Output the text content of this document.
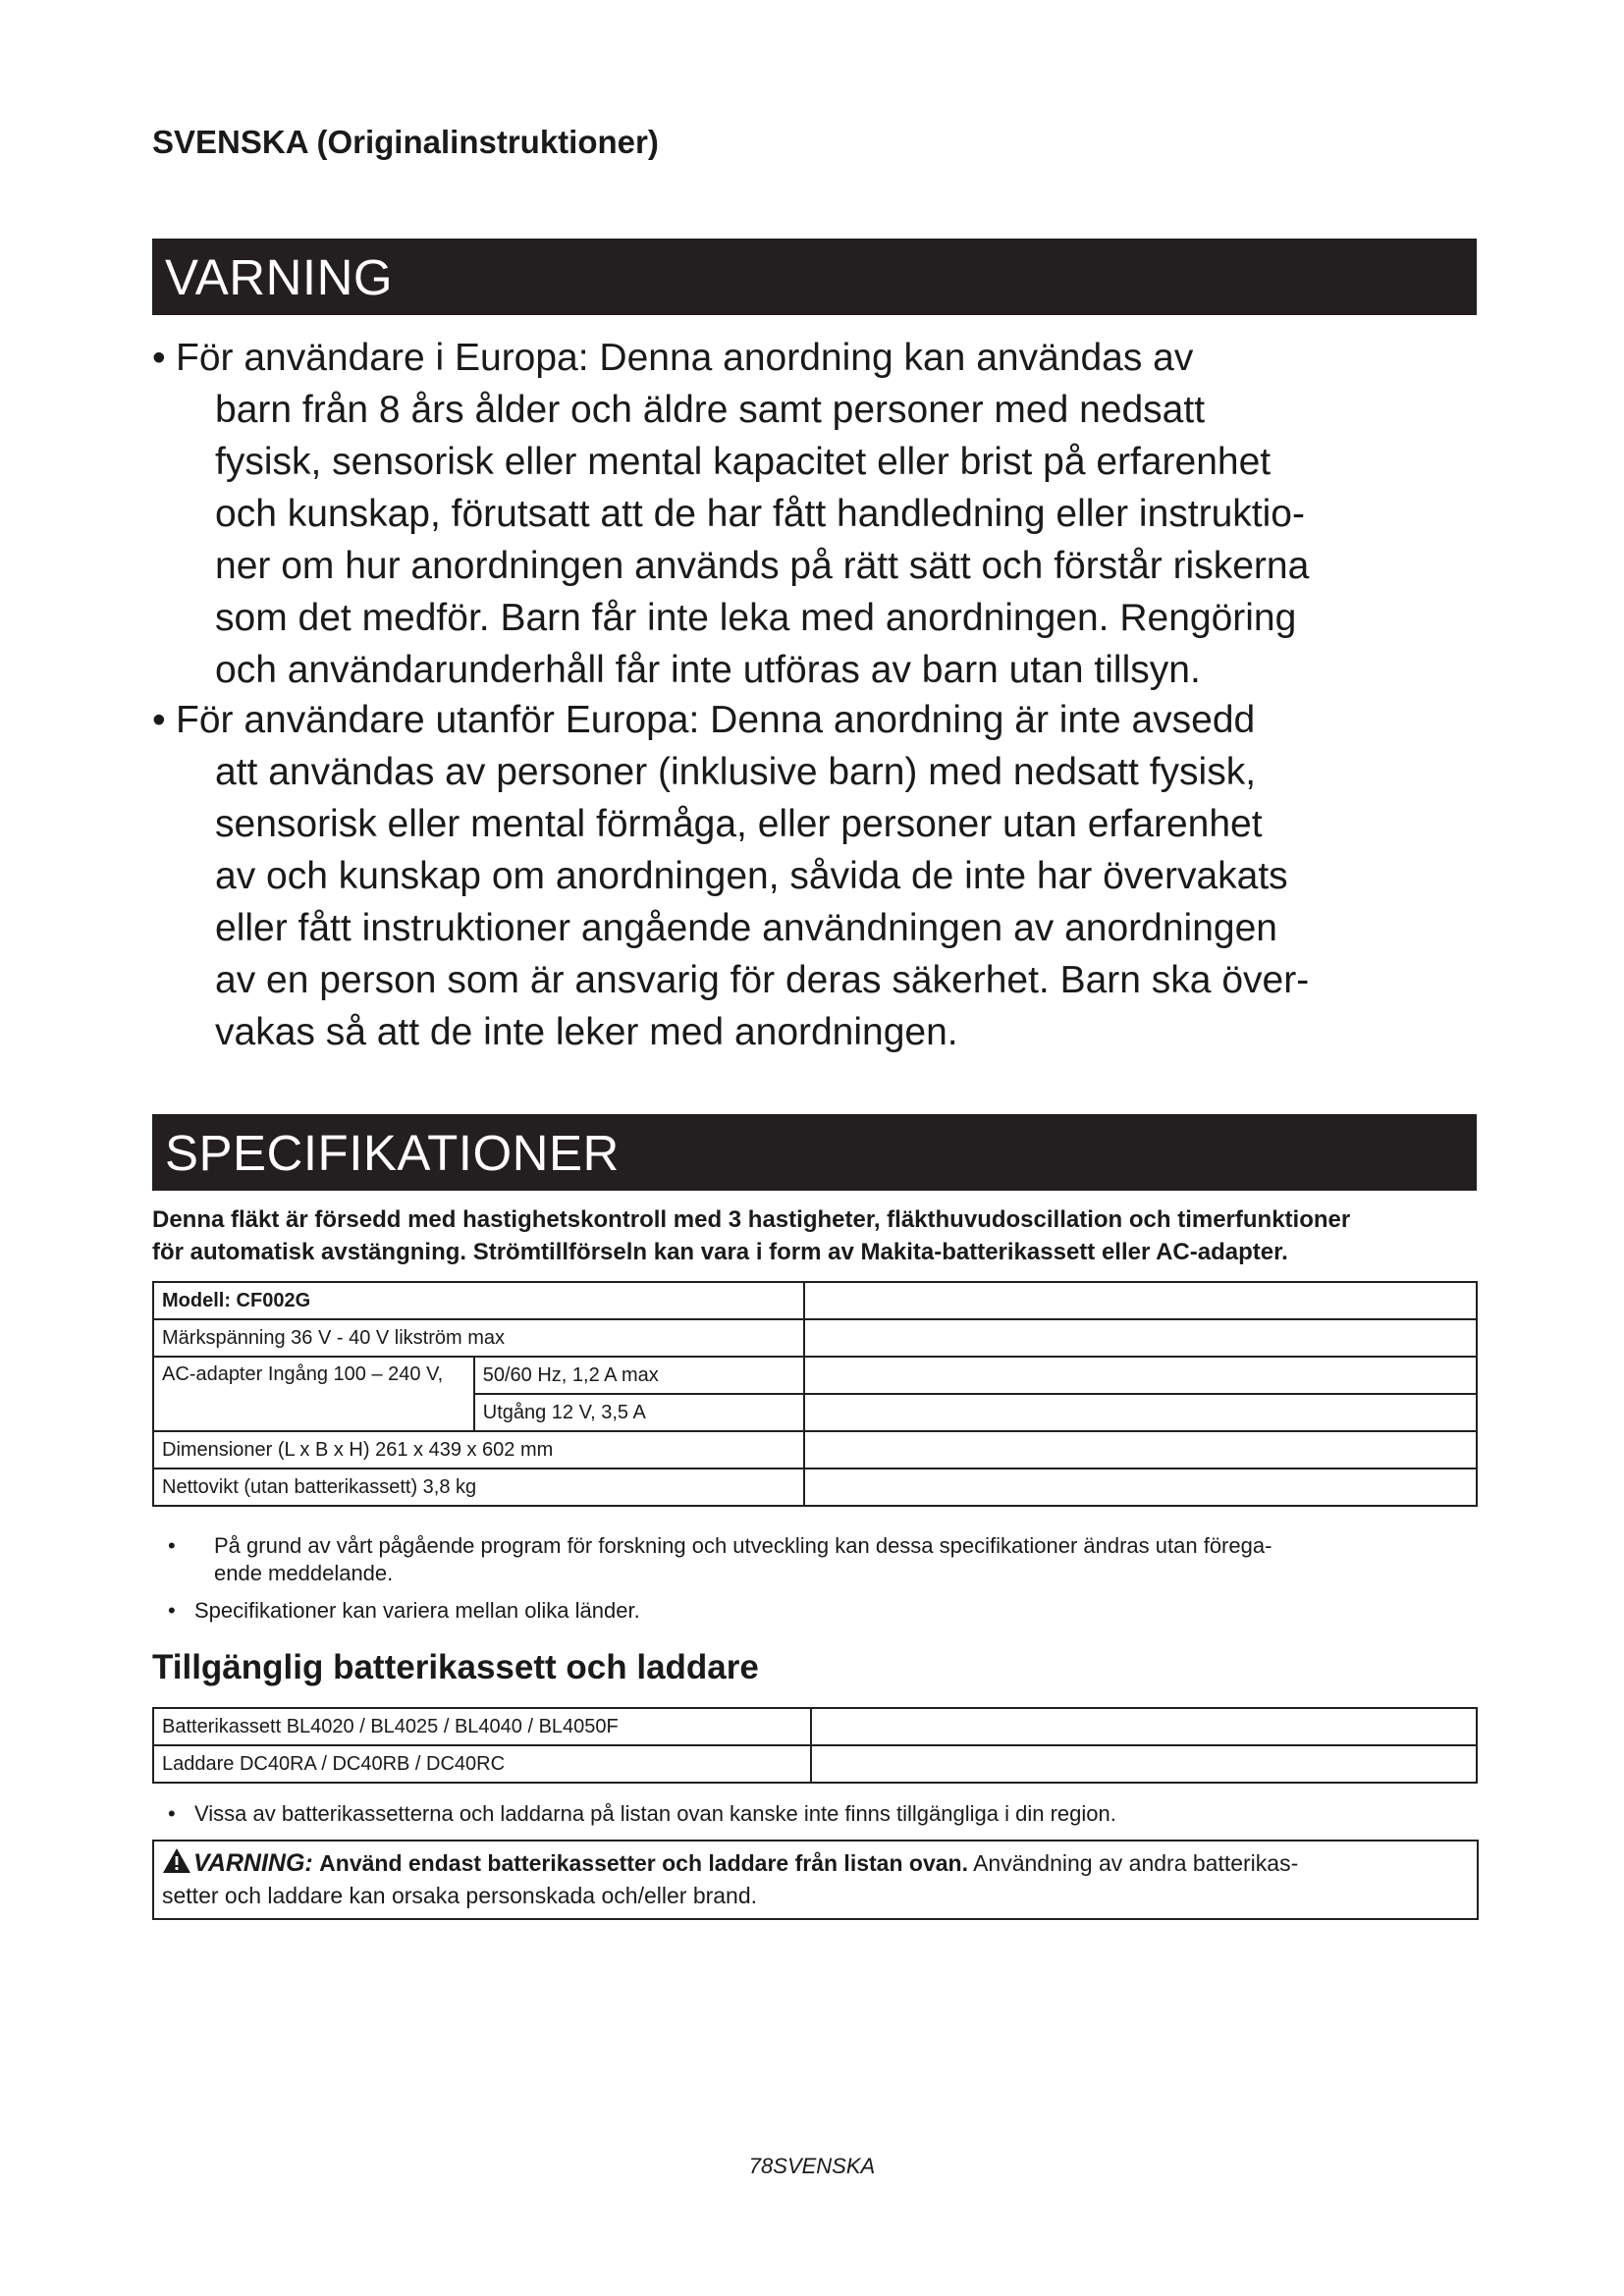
SVENSKA (Originalinstruktioner)
VARNING
• För användare i Europa: Denna anordning kan användas av
barn från 8 års ålder och äldre samt personer med nedsatt
fysisk, sensorisk eller mental kapacitet eller brist på erfarenhet
och kunskap, förutsatt att de har fått handledning eller instruktio-
ner om hur anordningen används på rätt sätt och förstår riskerna
som det medför. Barn får inte leka med anordningen. Rengöring
och användarunderhåll får inte utföras av barn utan tillsyn.
• För användare utanför Europa: Denna anordning är inte avsedd
att användas av personer (inklusive barn) med nedsatt fysisk,
sensorisk eller mental förmåga, eller personer utan erfarenhet
av och kunskap om anordningen, såvida de inte har övervakats
eller fått instruktioner angående användningen av anordningen
av en person som är ansvarig för deras säkerhet. Barn ska över-
vakas så att de inte leker med anordningen.
SPECIFIKATIONER
Denna fläkt är försedd med hastighetskontroll med 3 hastigheter, fläkthuvudoscillation och timerfunktioner
för automatisk avstängning. Strömtillförseln kan vara i form av Makita-batterikassett eller AC-adapter.
Modell: CF002G		
Märkspänning 36 V - 40 V likström max		
AC-adapter Ingång 100 – 240 V,	50/60 Hz, 1,2 A max	
	Utgång 12 V, 3,5 A	
Dimensioner (L x B x H) 261 x 439 x 602 mm		
Nettovikt (utan batterikassett) 3,8 kg		
• På grund av vårt pågående program för forskning och utveckling kan dessa specifikationer ändras utan förega-
ende meddelande.
• Specifikationer kan variera mellan olika länder.
Tillgänglig batterikassett och laddare
Batterikassett BL4020 / BL4025 / BL4040 / BL4050F	
Laddare DC40RA / DC40RB / DC40RC	
• Vissa av batterikassetterna och laddarna på listan ovan kanske inte finns tillgängliga i din region.
VARNING: Använd endast batterikassetter och laddare från listan ovan. Användning av andra batterikas-
setter och laddare kan orsaka personskada och/eller brand.
78SVENSKA
